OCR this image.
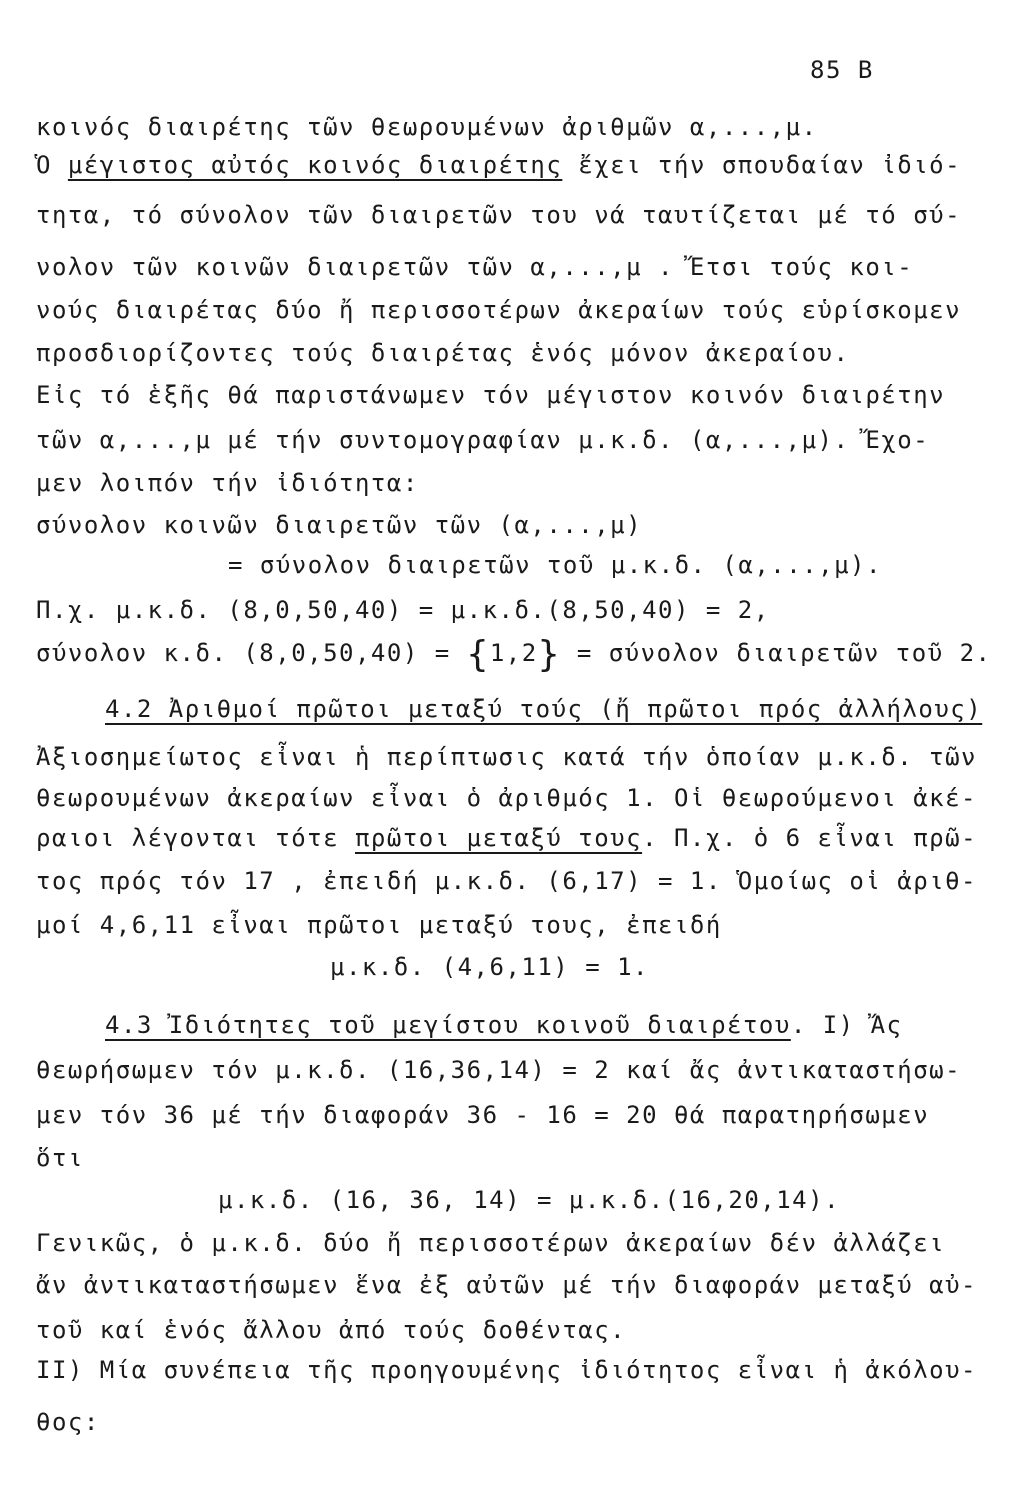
85 Β
κοινός διαιρέτης τῶν θεωρουμένων ἀριθμῶν α,...,μ.
Ὁ μέγιστος αὐτός κοινός διαιρέτης ἔχει τήν σπουδαίαν ἰδιό-
τητα, τό σύνολον τῶν διαιρετῶν του νά ταυτίζεται μέ τό σύ-
νολον τῶν κοινῶν διαιρετῶν τῶν α,...,μ . Ἔτσι τούς κοι-
νούς διαιρέτας δύο ἤ περισσοτέρων ἀκεραίων τούς εὑρίσκομεν
προσδιορίζοντες τούς διαιρέτας ἑνός μόνον ἀκεραίου.
Εἰς τό ἑξῆς θά παριστάνωμεν τόν μέγιστον κοινόν διαιρέτην
τῶν α,...,μ μέ τήν συντομογραφίαν μ.κ.δ. (α,...,μ). Ἔχο-
μεν λοιπόν τήν ἰδιότητα:
σύνολον κοινῶν διαιρετῶν τῶν (α,...,μ)
= σύνολον διαιρετῶν τοῦ μ.κ.δ. (α,...,μ).
Π.χ. μ.κ.δ. (8,0,50,40) = μ.κ.δ.(8,50,40) = 2,
σύνολον κ.δ. (8,0,50,40) = {1,2} = σύνολον διαιρετῶν τοῦ 2.
4.2 Ἀριθμοί πρῶτοι μεταξύ τούς (ἤ πρῶτοι πρός ἀλλήλους)
Ἀξιοσημείωτος εἶναι ἡ περίπτωσις κατά τήν ὁποίαν μ.κ.δ. τῶν
θεωρουμένων ἀκεραίων εἶναι ὁ ἀριθμός 1. Οἱ θεωρούμενοι ἀκέ-
ραιοι λέγονται τότε πρῶτοι μεταξύ τους. Π.χ. ὁ 6 εἶναι πρῶ-
τος πρός τόν 17 , ἐπειδή μ.κ.δ. (6,17) = 1. Ὁμοίως οἱ ἀριθ-
μοί 4,6,11 εἶναι πρῶτοι μεταξύ τους, ἐπειδή
μ.κ.δ. (4,6,11) = 1.
4.3 Ἰδιότητες τοῦ μεγίστου κοινοῦ διαιρέτου. Ι) Ἄς
θεωρήσωμεν τόν μ.κ.δ. (16,36,14) = 2 καί ἄς ἀντικαταστήσω-
μεν τόν 36 μέ τήν διαφοράν 36 - 16 = 20 θά παρατηρήσωμεν
ὅτι
μ.κ.δ. (16, 36, 14) = μ.κ.δ.(16,20,14).
Γενικῶς, ὁ μ.κ.δ. δύο ἤ περισσοτέρων ἀκεραίων δέν ἀλλάζει
ἄν ἀντικαταστήσωμεν ἕνα ἐξ αὐτῶν μέ τήν διαφοράν μεταξύ αὐ-
τοῦ καί ἑνός ἄλλου ἀπό τούς δοθέντας.
ΙΙ) Μία συνέπεια τῆς προηγουμένης ἰδιότητος εἶναι ἡ ἀκόλου-
θος:
